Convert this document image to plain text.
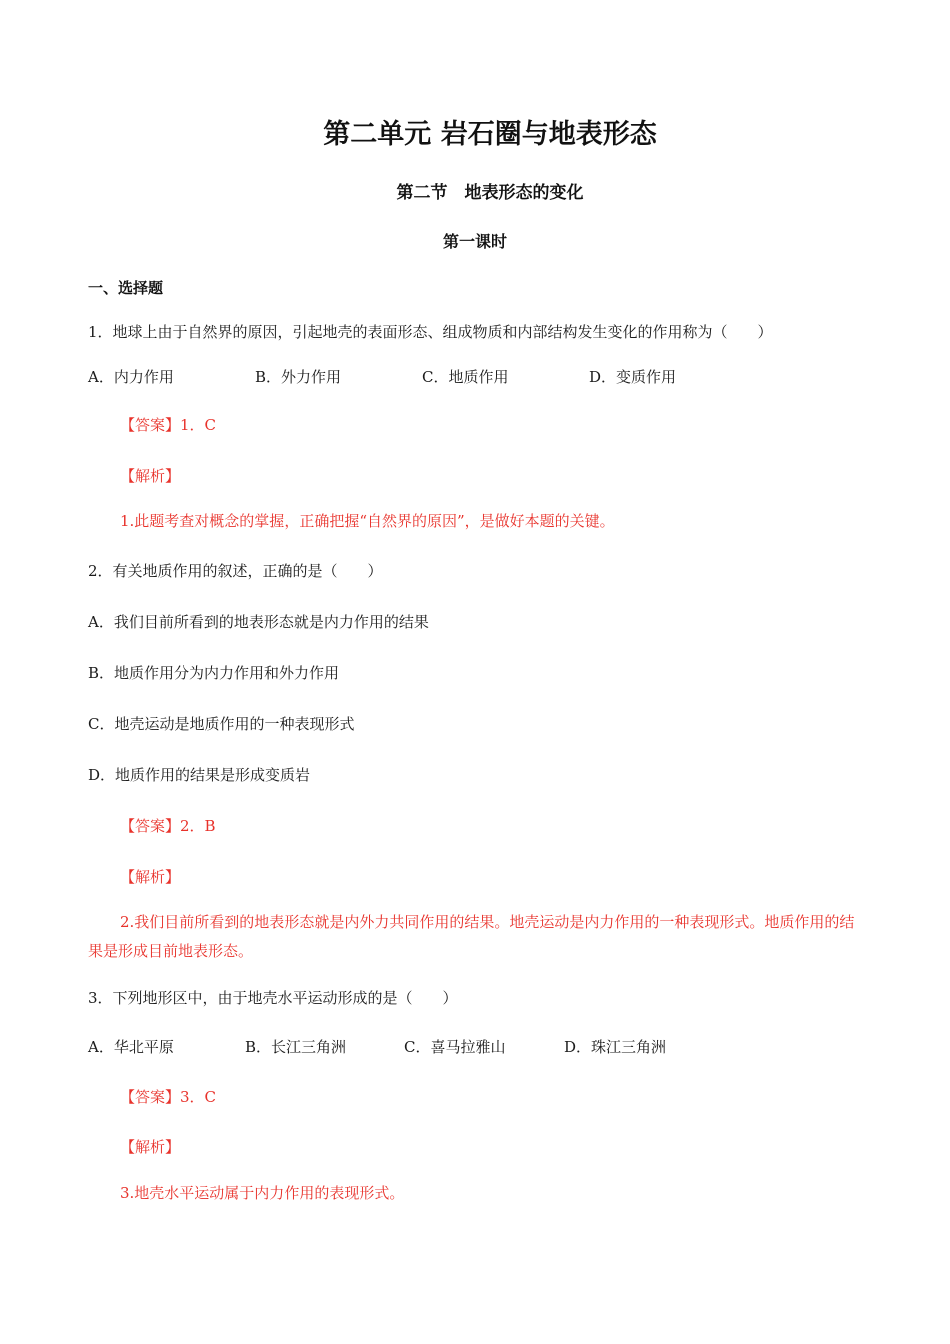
第二单元 岩石圈与地表形态
第二节　地表形态的变化
第一课时
一、选择题
1．地球上由于自然界的原因，引起地壳的表面形态、组成物质和内部结构发生变化的作用称为（　　）
A．内力作用	B．外力作用	C．地质作用	D．变质作用
【答案】1．C
【解析】
1.此题考查对概念的掌握，正确把握“自然界的原因”，是做好本题的关键。
2．有关地质作用的叙述，正确的是（　　）
A．我们目前所看到的地表形态就是内力作用的结果
B．地质作用分为内力作用和外力作用
C．地壳运动是地质作用的一种表现形式
D．地质作用的结果是形成变质岩
【答案】2．B
【解析】
2.我们目前所看到的地表形态就是内外力共同作用的结果。地壳运动是内力作用的一种表现形式。地质作用的结果是形成目前地表形态。
3．下列地形区中，由于地壳水平运动形成的是（　　）
A．华北平原	B．长江三角洲	C．喜马拉雅山	D．珠江三角洲
【答案】3．C
【解析】
3.地壳水平运动属于内力作用的表现形式。
